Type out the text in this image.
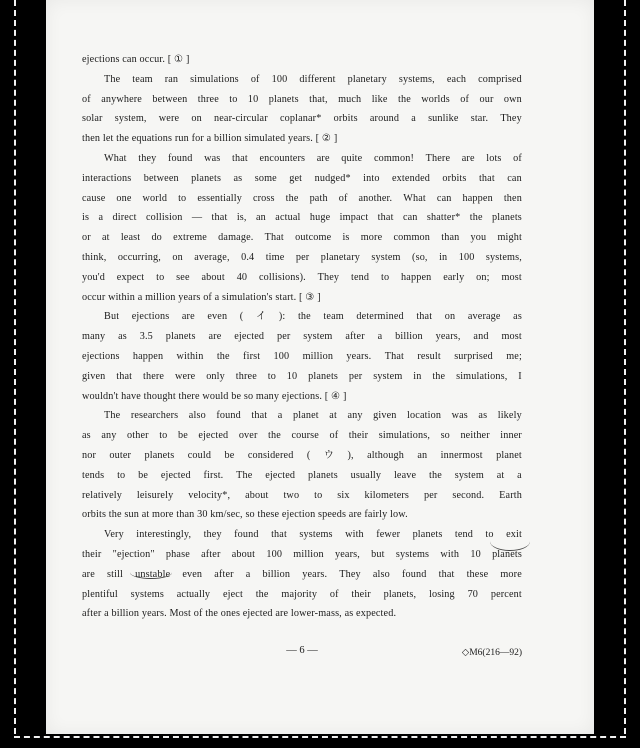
ejections can occur. [ ① ]
The team ran simulations of 100 different planetary systems, each comprised
of anywhere between three to 10 planets that, much like the worlds of our own
solar system, were on near-circular coplanar* orbits around a sunlike star. They
then let the equations run for a billion simulated years. [ ② ]
What they found was that encounters are quite common! There are lots of
interactions between planets as some get nudged* into extended orbits that can
cause one world to essentially cross the path of another. What can happen then
is a direct collision — that is, an actual huge impact that can shatter* the planets
or at least do extreme damage. That outcome is more common than you might
think, occurring, on average, 0.4 time per planetary system (so, in 100 systems,
you'd expect to see about 40 collisions). They tend to happen early on; most
occur within a million years of a simulation's start. [ ③ ]
But ejections are even ( イ ): the team determined that on average as
many as 3.5 planets are ejected per system after a billion years, and most
ejections happen within the first 100 million years. That result surprised me;
given that there were only three to 10 planets per system in the simulations, I
wouldn't have thought there would be so many ejections. [ ④ ]
The researchers also found that a planet at any given location was as likely
as any other to be ejected over the course of their simulations, so neither inner
nor outer planets could be considered ( ウ ), although an innermost planet
tends to be ejected first. The ejected planets usually leave the system at a
relatively leisurely velocity*, about two to six kilometers per second. Earth
orbits the sun at more than 30 km/sec, so these ejection speeds are fairly low.
Very interestingly, they found that systems with fewer planets tend to exit
their "ejection" phase after about 100 million years, but systems with 10 planets
are still unstable even after a billion years. They also found that these more
plentiful systems actually eject the majority of their planets, losing 70 percent
after a billion years. Most of the ones ejected are lower-mass, as expected.
— 6 —	◇M6(216—92)
